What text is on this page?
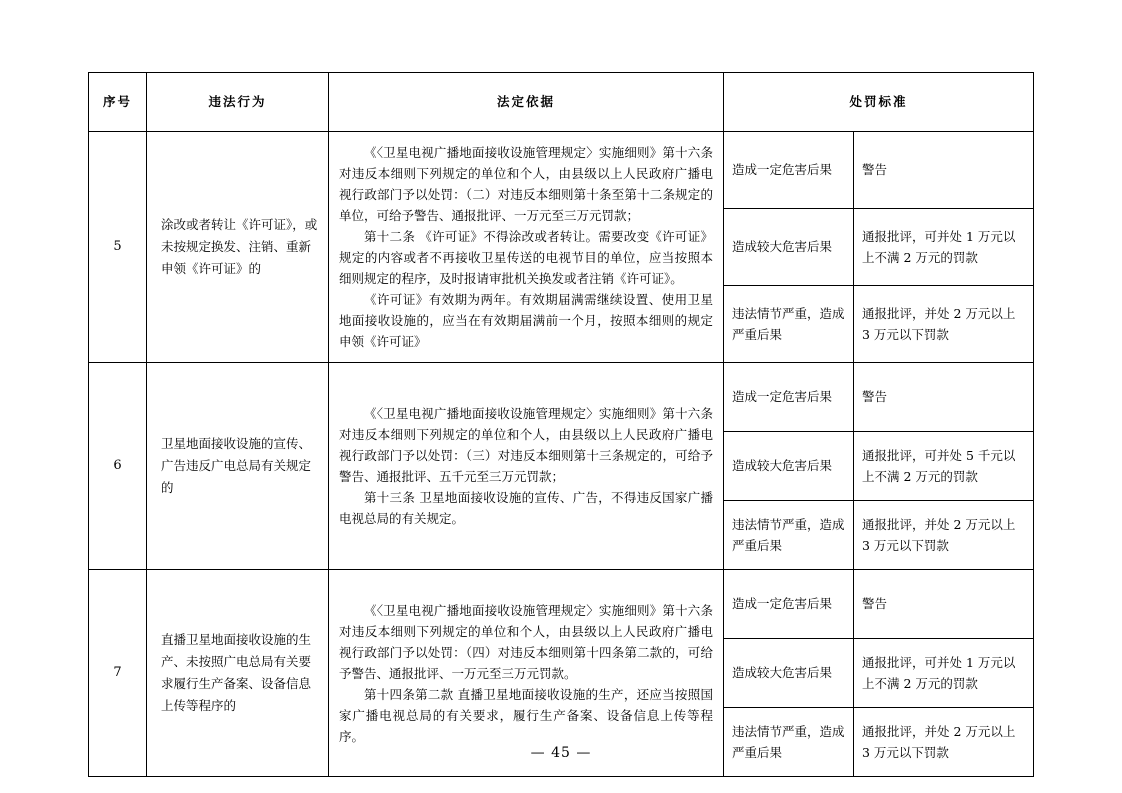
序号	违法行为	法定依据	处罚标准	
5	涂改或者转让《许可证》，或未按规定换发、注销、重新申领《许可证》的	《〈卫星电视广播地面接收设施管理规定〉实施细则》第十六条对违反本细则下列规定的单位和个人，由县级以上人民政府广播电视行政部门予以处罚：（二）对违反本细则第十条至第十二条规定的单位，可给予警告、通报批评、一万元至三万元罚款；

第十二条 《许可证》不得涂改或者转让。需要改变《许可证》规定的内容或者不再接收卫星传送的电视节目的单位，应当按照本细则规定的程序，及时报请审批机关换发或者注销《许可证》。

《许可证》有效期为两年。有效期届满需继续设置、使用卫星地面接收设施的，应当在有效期届满前一个月，按照本细则的规定申领《许可证》	造成一定危害后果	警告
			造成较大危害后果	通报批评，可并处 1 万元以上不满 2 万元的罚款
			违法情节严重，造成严重后果	通报批评，并处 2 万元以上 3 万元以下罚款
6	卫星地面接收设施的宣传、广告违反广电总局有关规定的	《〈卫星电视广播地面接收设施管理规定〉实施细则》第十六条对违反本细则下列规定的单位和个人，由县级以上人民政府广播电视行政部门予以处罚：（三）对违反本细则第十三条规定的，可给予警告、通报批评、五千元至三万元罚款；

第十三条 卫星地面接收设施的宣传、广告，不得违反国家广播电视总局的有关规定。	造成一定危害后果	警告
			造成较大危害后果	通报批评，可并处 5 千元以上不满 2 万元的罚款
			违法情节严重，造成严重后果	通报批评，并处 2 万元以上 3 万元以下罚款
7	直播卫星地面接收设施的生产、未按照广电总局有关要求履行生产备案、设备信息上传等程序的	《〈卫星电视广播地面接收设施管理规定〉实施细则》第十六条对违反本细则下列规定的单位和个人，由县级以上人民政府广播电视行政部门予以处罚：（四）对违反本细则第十四条第二款的，可给予警告、通报批评、一万元至三万元罚款。

第十四条第二款 直播卫星地面接收设施的生产，还应当按照国家广播电视总局的有关要求，履行生产备案、设备信息上传等程序。	造成一定危害后果	警告
			造成较大危害后果	通报批评，可并处 1 万元以上不满 2 万元的罚款
			违法情节严重，造成严重后果	通报批评，并处 2 万元以上 3 万元以下罚款
— 45 —
